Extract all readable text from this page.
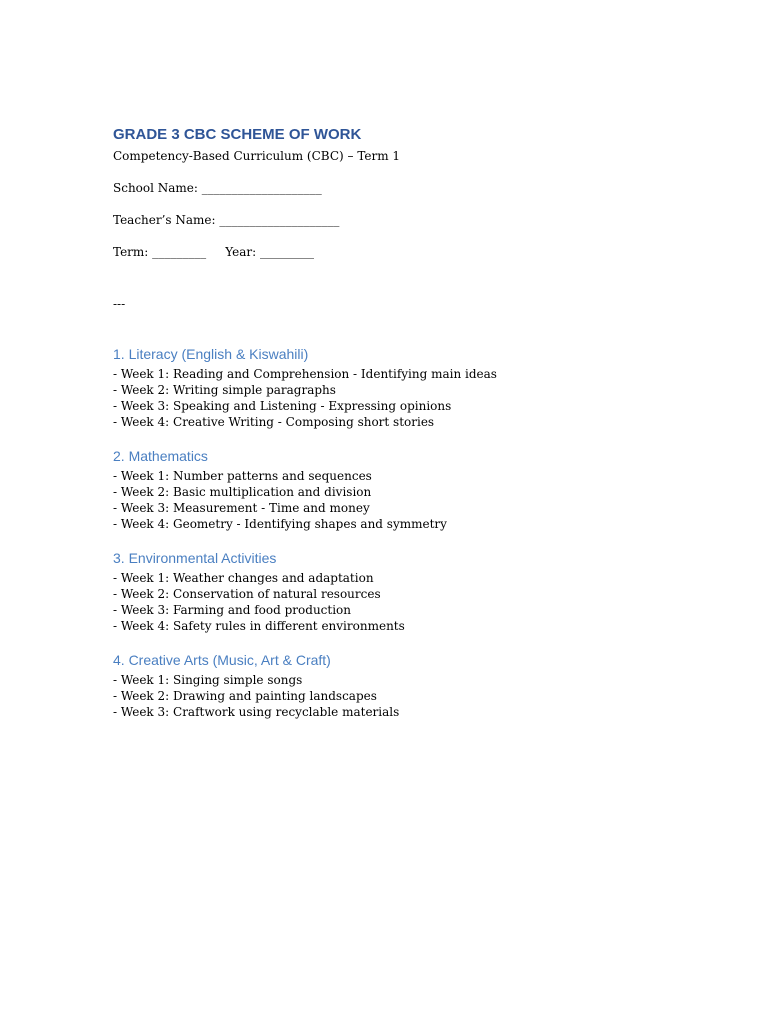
GRADE 3 CBC SCHEME OF WORK

Competency-Based Curriculum (CBC) – Term 1

School Name: ____________________

Teacher’s Name: ____________________

Term: _________     Year: _________

---

1. Literacy (English & Kiswahili)
- Week 1: Reading and Comprehension - Identifying main ideas
- Week 2: Writing simple paragraphs
- Week 3: Speaking and Listening - Expressing opinions
- Week 4: Creative Writing - Composing short stories
2. Mathematics
- Week 1: Number patterns and sequences
- Week 2: Basic multiplication and division
- Week 3: Measurement - Time and money
- Week 4: Geometry - Identifying shapes and symmetry
3. Environmental Activities
- Week 1: Weather changes and adaptation
- Week 2: Conservation of natural resources
- Week 3: Farming and food production
- Week 4: Safety rules in different environments
4. Creative Arts (Music, Art & Craft)
- Week 1: Singing simple songs
- Week 2: Drawing and painting landscapes
- Week 3: Craftwork using recyclable materials
